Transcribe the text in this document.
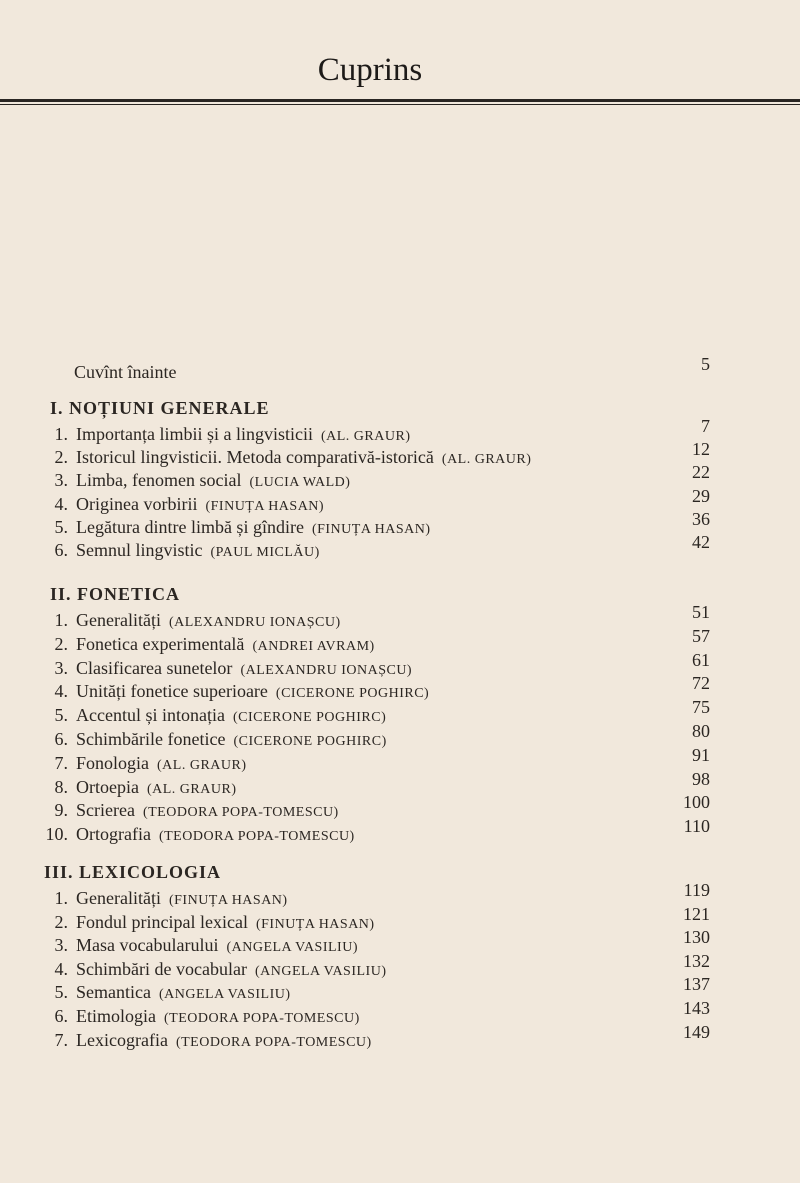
Cuprins
Cuvînt înainte	5
I. NOȚIUNI GENERALE
1. Importanța limbii și a lingvisticii (AL. GRAUR)
7
2. Istoricul lingvisticii. Metoda comparativă-istorică (AL. GRAUR)
12
3. Limba, fenomen social (LUCIA WALD)
22
4. Originea vorbirii (FINUȚA HASAN)
29
5. Legătura dintre limbă și gîndire (FINUȚA HASAN)
36
6. Semnul lingvistic (PAUL MICLĂU)
42
II. FONETICA
1. Generalități (ALEXANDRU IONAȘCU)
51
2. Fonetica experimentală (ANDREI AVRAM)
57
3. Clasificarea sunetelor (ALEXANDRU IONAȘCU)
61
4. Unități fonetice superioare (CICERONE POGHIRC)
72
5. Accentul și intonația (CICERONE POGHIRC)
75
6. Schimbările fonetice (CICERONE POGHIRC)
80
7. Fonologia (AL. GRAUR)
91
8. Ortoepia (AL. GRAUR)
98
9. Scrierea (TEODORA POPA-TOMESCU)
100
10. Ortografia (TEODORA POPA-TOMESCU)
110
III. LEXICOLOGIA
1. Generalități (FINUȚA HASAN)
119
2. Fondul principal lexical (FINUȚA HASAN)
121
3. Masa vocabularului (ANGELA VASILIU)
130
4. Schimbări de vocabular (ANGELA VASILIU)
132
5. Semantica (ANGELA VASILIU)
137
6. Etimologia (TEODORA POPA-TOMESCU)
143
7. Lexicografia (TEODORA POPA-TOMESCU)
149
